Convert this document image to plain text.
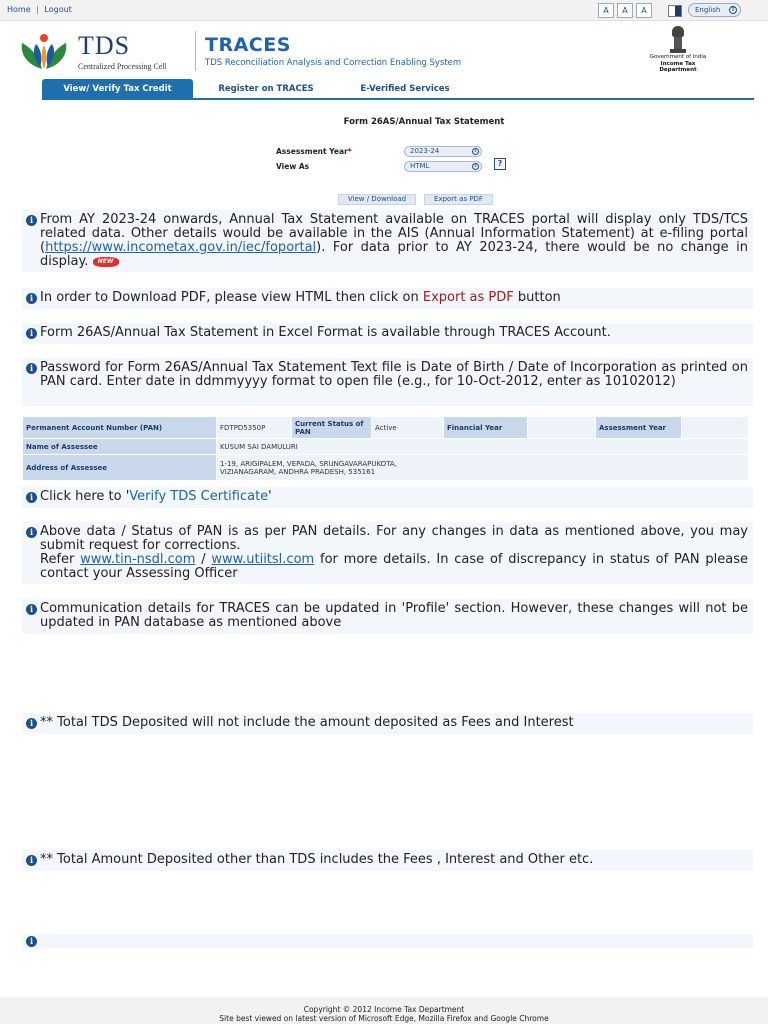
Home | Logout	A	A	A	English ⇕
TDS
Centralized Processing Cell
TRACES
TDS Reconciliation Analysis and Correction Enabling System
Government of India
Income Tax Department
View/ Verify Tax Credit	Register on TRACES	E-Verified Services
Form 26AS/Annual Tax Statement
Assessment Year*	2023-24	⇕
View As	HTML	⇕	?
View / Download	Export as PDF
i From AY 2023-24 onwards, Annual Tax Statement available on TRACES portal will display only TDS/TCS related data. Other details would be available in the AIS (Annual Information Statement) at e-filing portal (https://www.incometax.gov.in/iec/foportal). For data prior to AY 2023-24, there would be no change in display. NEW
i In order to Download PDF, please view HTML then click on Export as PDF button
i Form 26AS/Annual Tax Statement in Excel Format is available through TRACES Account.
i Password for Form 26AS/Annual Tax Statement Text file is Date of Birth / Date of Incorporation as printed on PAN card. Enter date in ddmmyyyy format to open file (e.g., for 10-Oct-2012, enter as 10102012)
Permanent Account Number (PAN)	FDTPD5350P	Current Status of PAN	Active	Financial Year		Assessment Year	
Name of Assessee	KUSUM SAI DAMULURI						
Address of Assessee	1-19, ARIGIPALEM, VEPADA, SRUNGAVARAPUKOTA,
VIZIANAGARAM, ANDHRA PRADESH, 535161						
i Click here to 'Verify TDS Certificate'
i Above data / Status of PAN is as per PAN details. For any changes in data as mentioned above, you may submit request for corrections.
Refer www.tin-nsdl.com / www.utiitsl.com for more details. In case of discrepancy in status of PAN please contact your Assessing Officer
i Communication details for TRACES can be updated in 'Profile' section. However, these changes will not be updated in PAN database as mentioned above
i ** Total TDS Deposited will not include the amount deposited as Fees and Interest
i ** Total Amount Deposited other than TDS includes the Fees , Interest and Other etc.
i
Copyright © 2012 Income Tax Department
Site best viewed on latest version of Microsoft Edge, Mozilla Firefox and Google Chrome
